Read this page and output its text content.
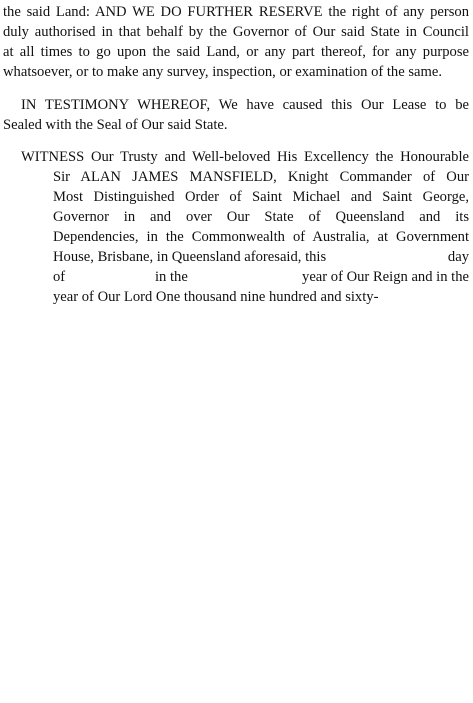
the said Land: AND WE DO FURTHER RESERVE the right of any person
duly authorised in that behalf by the Governor of Our said State in Council
at all times to go upon the said Land, or any part thereof, for any purpose
whatsoever, or to make any survey, inspection, or examination of the same.
IN TESTIMONY WHEREOF, We have caused this Our Lease to be
Sealed with the Seal of Our said State.
WITNESS Our Trusty and Well-beloved His Excellency the Honourable
Sir ALAN JAMES MANSFIELD, Knight Commander of Our
Most Distinguished Order of Saint Michael and Saint George,
Governor in and over Our State of Queensland and its
Dependencies, in the Commonwealth of Australia, at Government
House, Brisbane, in Queensland aforesaid, this	day
of	in the	year of Our Reign and in the
year of Our Lord One thousand nine hundred and sixty-
